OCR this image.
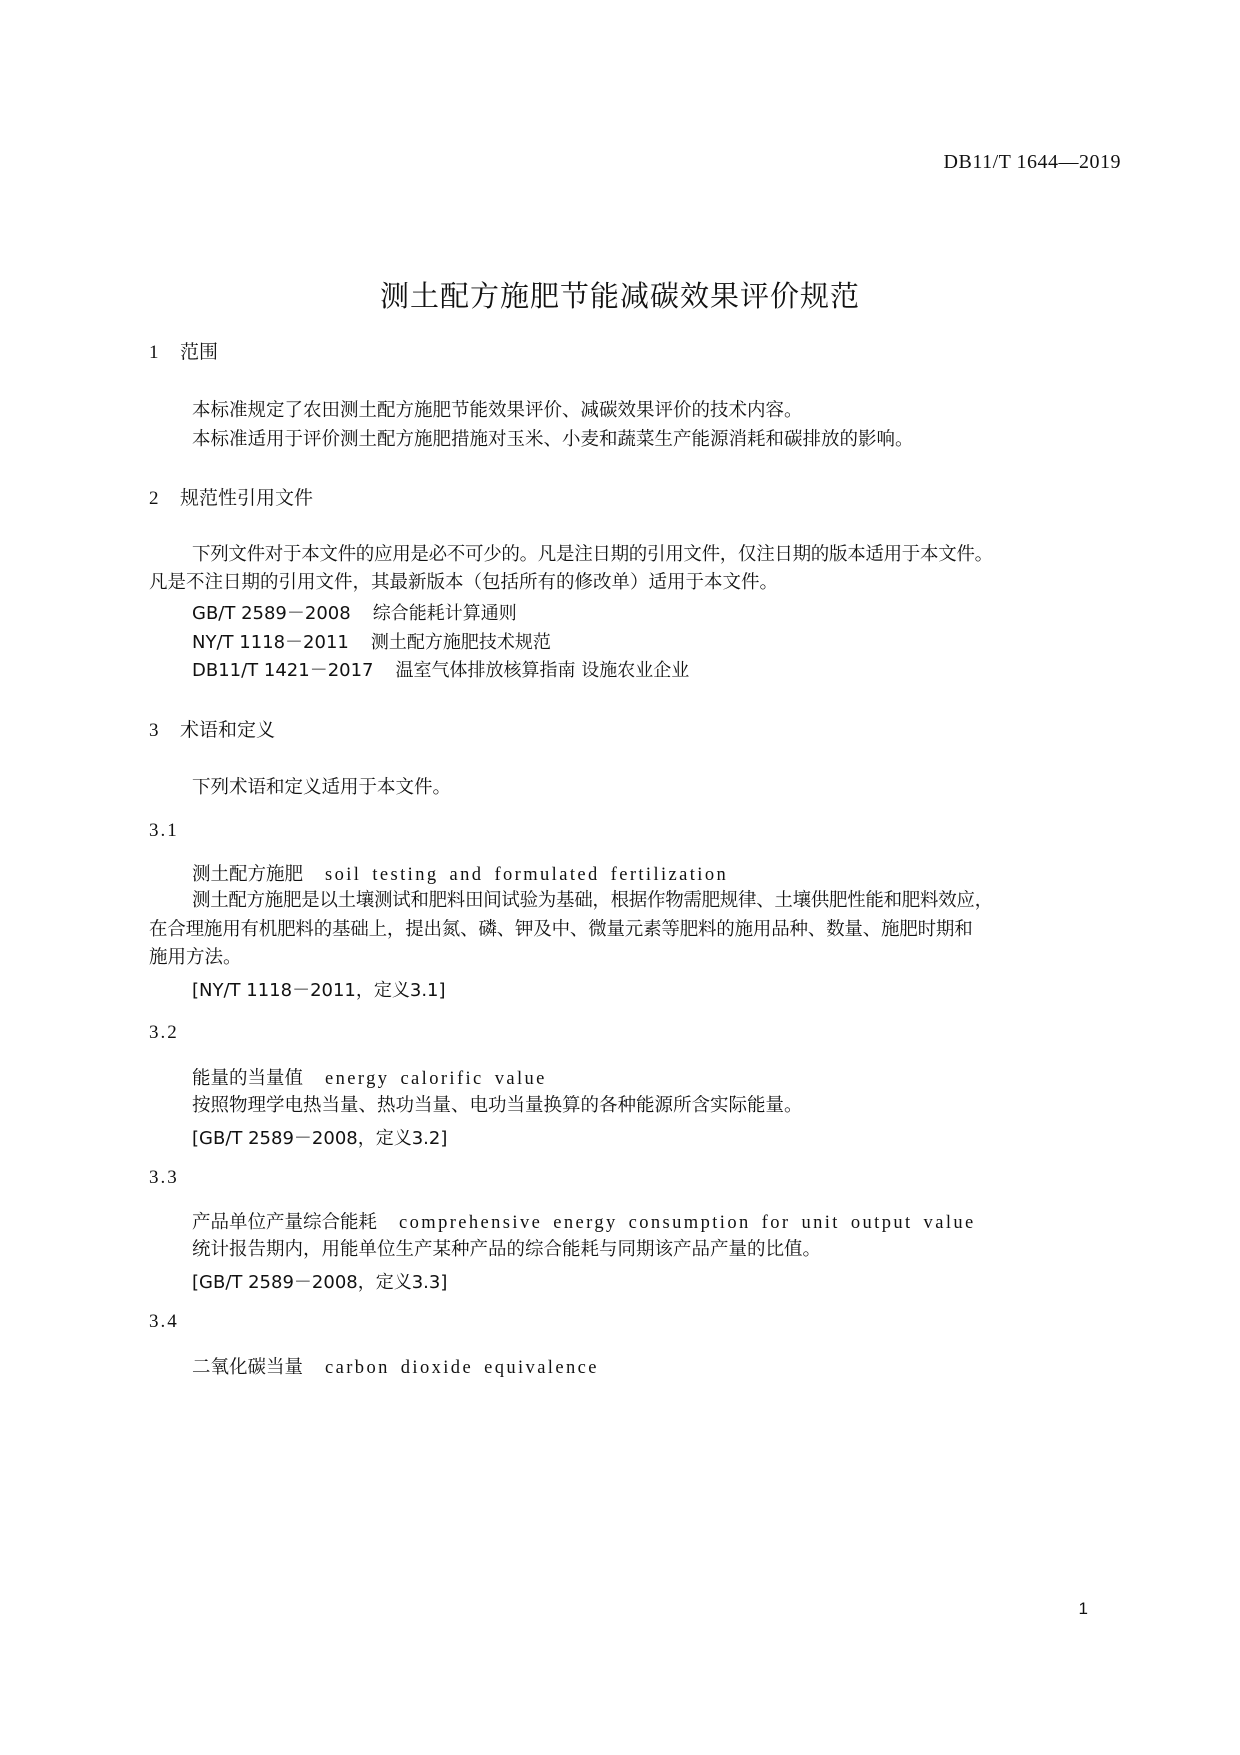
DB11/T 1644—2019
测土配方施肥节能减碳效果评价规范
1 范围
本标准规定了农田测土配方施肥节能效果评价、减碳效果评价的技术内容。
本标准适用于评价测土配方施肥措施对玉米、小麦和蔬菜生产能源消耗和碳排放的影响。
2 规范性引用文件
下列文件对于本文件的应用是必不可少的。凡是注日期的引用文件，仅注日期的版本适用于本文件。
凡是不注日期的引用文件，其最新版本（包括所有的修改单）适用于本文件。
GB/T 2589－2008 综合能耗计算通则
NY/T 1118－2011 测土配方施肥技术规范
DB11/T 1421－2017 温室气体排放核算指南 设施农业企业
3 术语和定义
下列术语和定义适用于本文件。
3.1
测土配方施肥 soil testing and formulated fertilization
测土配方施肥是以土壤测试和肥料田间试验为基础，根据作物需肥规律、土壤供肥性能和肥料效应，
在合理施用有机肥料的基础上，提出氮、磷、钾及中、微量元素等肥料的施用品种、数量、施肥时期和
施用方法。
[NY/T 1118－2011，定义3.1]
3.2
能量的当量值 energy calorific value
按照物理学电热当量、热功当量、电功当量换算的各种能源所含实际能量。
[GB/T 2589－2008，定义3.2]
3.3
产品单位产量综合能耗 comprehensive energy consumption for unit output value
统计报告期内，用能单位生产某种产品的综合能耗与同期该产品产量的比值。
[GB/T 2589－2008，定义3.3]
3.4
二氧化碳当量 carbon dioxide equivalence
1
